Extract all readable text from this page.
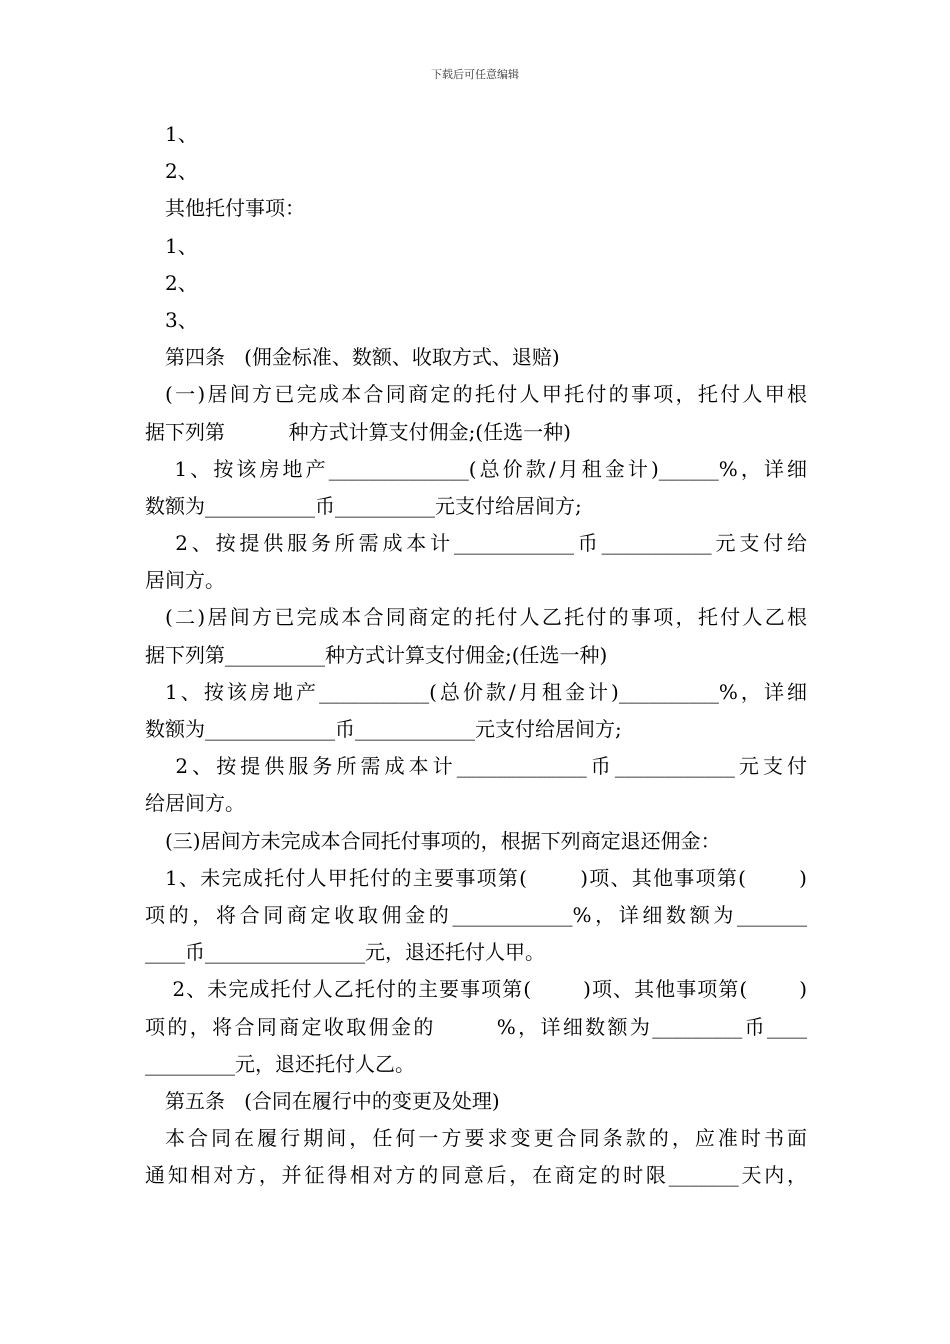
下载后可任意编辑
1、
2、
其他托付事项：
1、
2、
3、
第四条   (佣金标准、数额、收取方式、退赔)
(一)居间方已完成本合同商定的托付人甲托付的事项，托付人甲根
据下列第          种方式计算支付佣金;(任选一种)
1、按该房地产______________(总价款/月租金计)______%，详细
数额为___________币__________元支付给居间方;
2、按提供服务所需成本计____________币___________元支付给
居间方。
(二)居间方已完成本合同商定的托付人乙托付的事项，托付人乙根
据下列第__________种方式计算支付佣金;(任选一种)
1、按该房地产___________(总价款/月租金计)__________%，详细
数额为_____________币____________元支付给居间方;
2、按提供服务所需成本计_____________币____________元支付
给居间方。
(三)居间方未完成本合同托付事项的，根据下列商定退还佣金：
1、未完成托付人甲托付的主要事项第(       )项、其他事项第(       )
项的，将合同商定收取佣金的____________%，详细数额为_______
____币________________元，退还托付人甲。
2、未完成托付人乙托付的主要事项第(       )项、其他事项第(       )
项的，将合同商定收取佣金的       %，详细数额为_________币____
_________元，退还托付人乙。
第五条   (合同在履行中的变更及处理)
本合同在履行期间，任何一方要求变更合同条款的，应准时书面
通知相对方，并征得相对方的同意后，在商定的时限_______天内，
